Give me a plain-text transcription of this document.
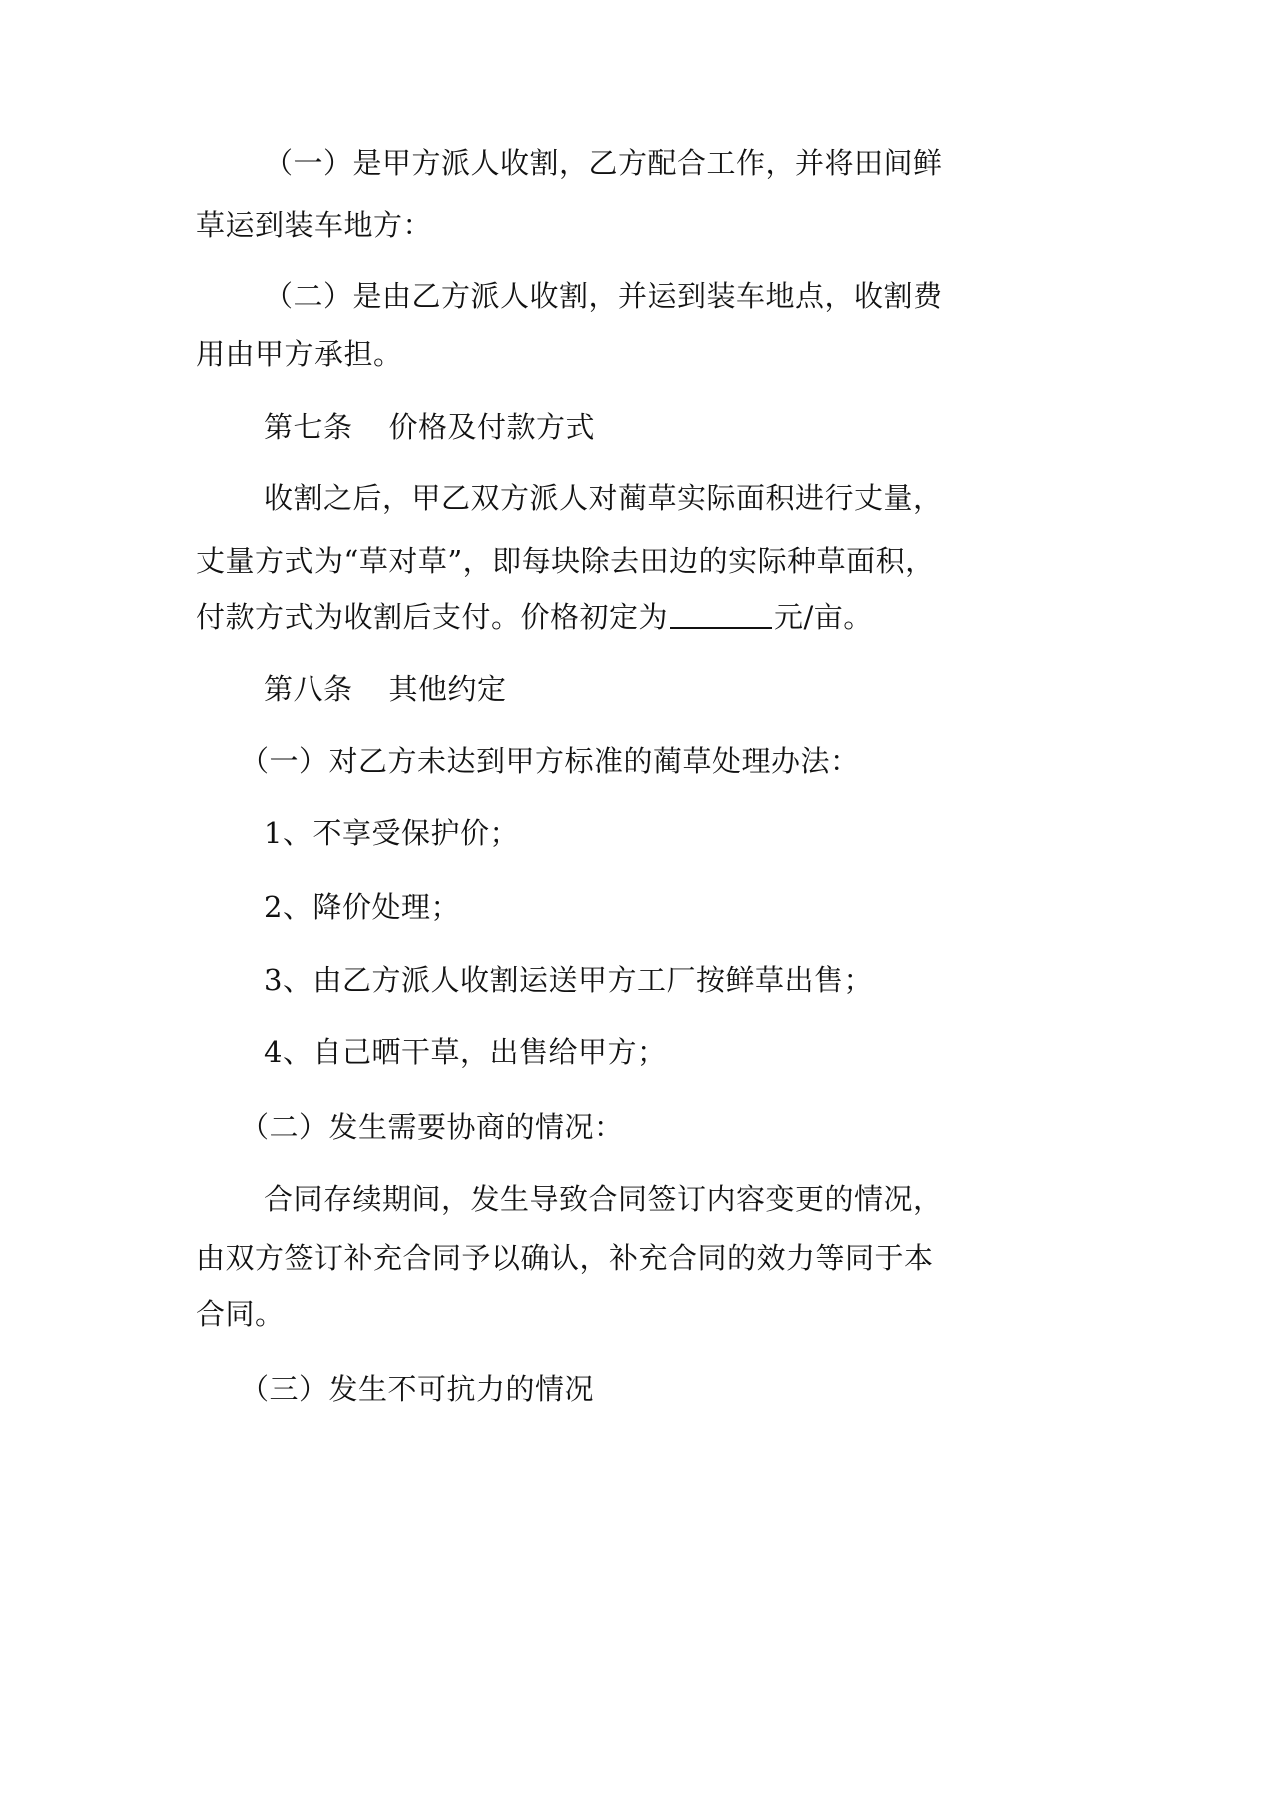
（一）是甲方派人收割，乙方配合工作，并将田间鲜
草运到装车地方：
（二）是由乙方派人收割，并运到装车地点，收割费
用由甲方承担。
第七条 价格及付款方式
收割之后，甲乙双方派人对蔺草实际面积进行丈量，
丈量方式为“草对草”，即每块除去田边的实际种草面积，
付款方式为收割后支付。价格初定为	元/亩。
第八条 其他约定
（一）对乙方未达到甲方标准的蔺草处理办法：
1、不享受保护价；
2、降价处理；
3、由乙方派人收割运送甲方工厂按鲜草出售；
4、自己晒干草，出售给甲方；
（二）发生需要协商的情况：
合同存续期间，发生导致合同签订内容变更的情况，
由双方签订补充合同予以确认，补充合同的效力等同于本
合同。
（三）发生不可抗力的情况
